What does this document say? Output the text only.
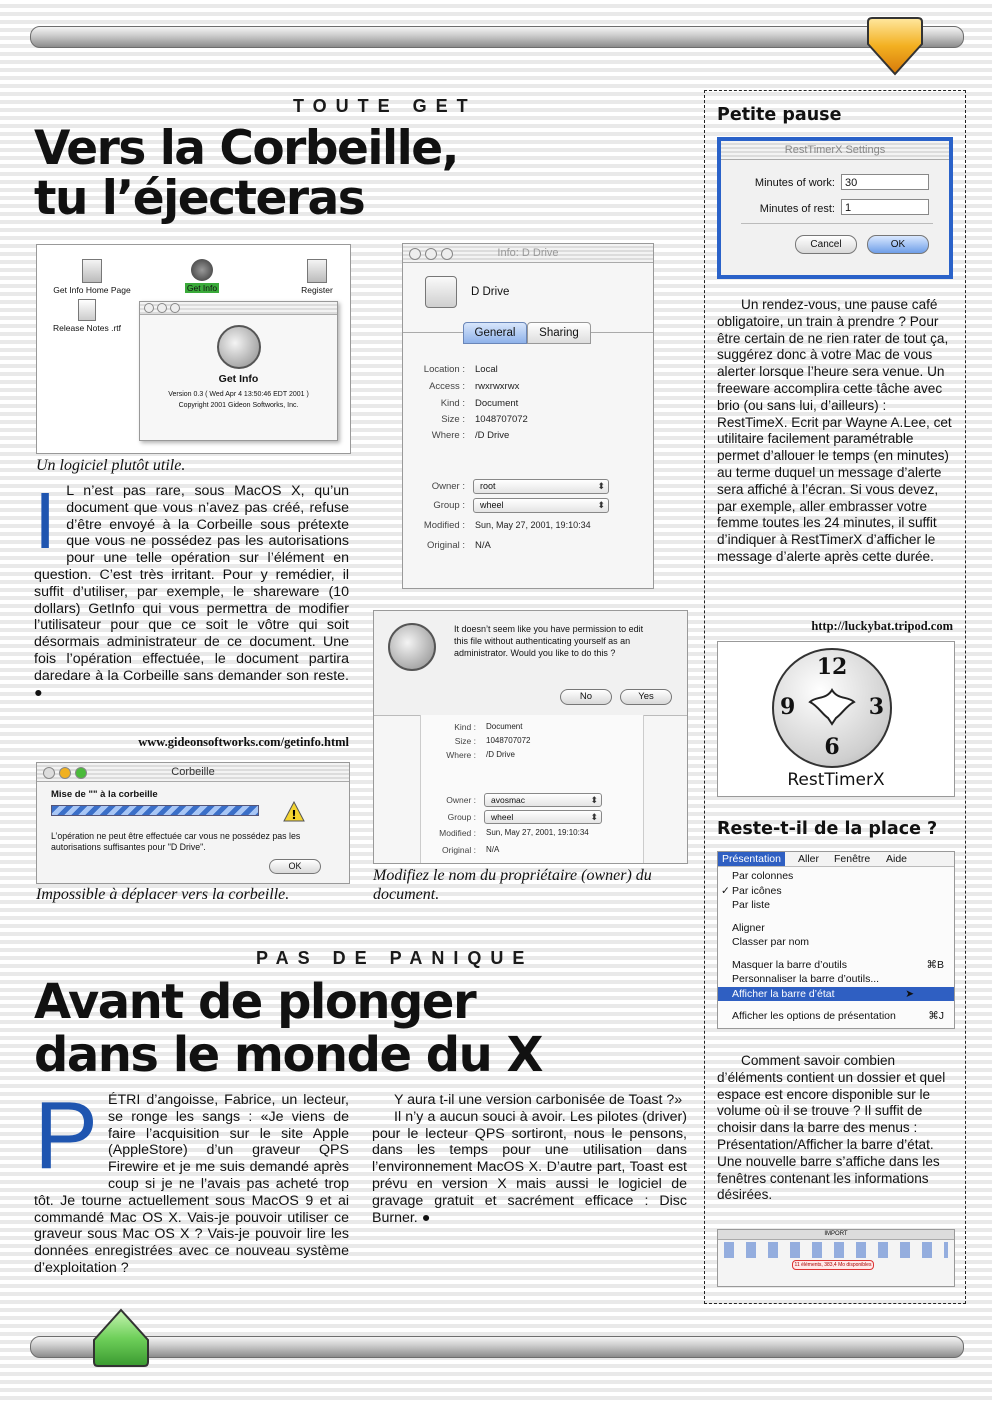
TOUTE GET
Vers la Corbeille,
tu l’éjecteras
Get Info Home Page	Get Info	Register
Release Notes .rtf
Get Info
Version 0.3 ( Wed Apr 4 13:50:46 EDT 2001 )
Copyright 2001 Gideon Softworks, Inc.
Un logiciel plutôt utile.
I L n’est pas rare, sous MacOS X, qu’un document que vous n’avez pas créé, refuse d’être envoyé à la Corbeille sous prétexte que vous ne possédez pas les autorisations pour une telle opération sur l’élément en question. C’est très irritant. Pour y remédier, il suffit d’utiliser, par exemple, le shareware (10 dollars) GetInfo qui vous permettra de modifier l’utilisateur pour que ce soit le vôtre qui soit désormais administrateur de ce document. Une fois l’opération effectuée, le document partira daredare à la Corbeille sans demander son reste. ●
www.gideonsoftworks.com/getinfo.html
Corbeille
Mise de "" à la corbeille
!
L’opération ne peut être effectuée car vous ne possédez pas les autorisations suffisantes pour "D Drive".
OK
Impossible à déplacer vers la corbeille.
Info: D Drive
D Drive
General	Sharing
Location : Local
Access : rwxrwxrwx
Kind : Document
Size : 1048707072
Where : /D Drive
Owner :	root ⬍
Group :	wheel ⬍
Modified : Sun, May 27, 2001, 19:10:34
Original : N/A
It doesn’t seem like you have permission to edit this file without authenticating yourself as an administrator. Would you like to do this ?
No	Yes
Kind : Document
Size : 1048707072
Where : /D Drive
Owner :	avosmac ⬍
Group :	wheel ⬍
Modified : Sun, May 27, 2001, 19:10:34
Original : N/A
Modifiez le nom du propriétaire (owner) du document.
PAS DE PANIQUE
Avant de plonger
dans le monde du X
PÉTRI d’angoisse, Fabrice, un lecteur, se ronge les sangs : «Je viens de faire l’acquisition sur le site Apple (AppleStore) d’un graveur QPS Firewire et je me suis demandé après coup si je ne l’avais pas acheté trop tôt. Je tourne actuellement sous MacOS 9 et ai commandé Mac OS X. Vais-je pouvoir utiliser ce graveur sous Mac OS X ? Vais-je pouvoir lire les données enregistrées avec ce nouveau système d’exploitation ?
Y aura t-il une version carbonisée de Toast ?»
Il n’y a aucun souci à avoir. Les pilotes (driver) pour le lecteur QPS sortiront, nous le pensons, dans les temps pour une utilisation dans l’environnement MacOS X. D’autre part, Toast est prévu en version X mais aussi le logiciel de gravage gratuit et sacrément efficace : Disc Burner. ●
Petite pause
RestTimerX Settings
Minutes of work: 30
Minutes of rest: 1
Cancel	OK
Un rendez-vous, une pause café obligatoire, un train à prendre ? Pour être certain de ne rien rater de tout ça, suggérez donc à votre Mac de vous alerter lorsque l’heure sera venue. Un freeware accomplira cette tâche avec brio (ou sans lui, d’ailleurs) : RestTimeX. Ecrit par Wayne A.Lee, cet utilitaire facilement paramétrable permet d’allouer le temps (en minutes) au terme duquel un message d’alerte sera affiché à l’écran. Si vous devez, par exemple, aller embrasser votre femme toutes les 24 minutes, il suffit d’indiquer à RestTimerX d’afficher le message d’alerte après cette durée.
http://luckybat.tripod.com
12
9	3
6
RestTimerX
Reste-t-il de la place ?
Présentation	Aller Fenêtre Aide
Par colonnes
✓ Par icônes
Par liste
Aligner
Classer par nom
Masquer la barre d’outils	⌘B
Personnaliser la barre d’outils...
Afficher la barre d’état	➤
Afficher les options de présentation	⌘J
Comment savoir combien d’éléments contient un dossier et quel espace est encore disponible sur le volume où il se trouve ? Il suffit de choisir dans la barre des menus : Présentation/Afficher la barre d’état. Une nouvelle barre s’affiche dans les fenêtres contenant les informations désirées.
IMPORT
11 éléments, 383,4 Mo disponibles
